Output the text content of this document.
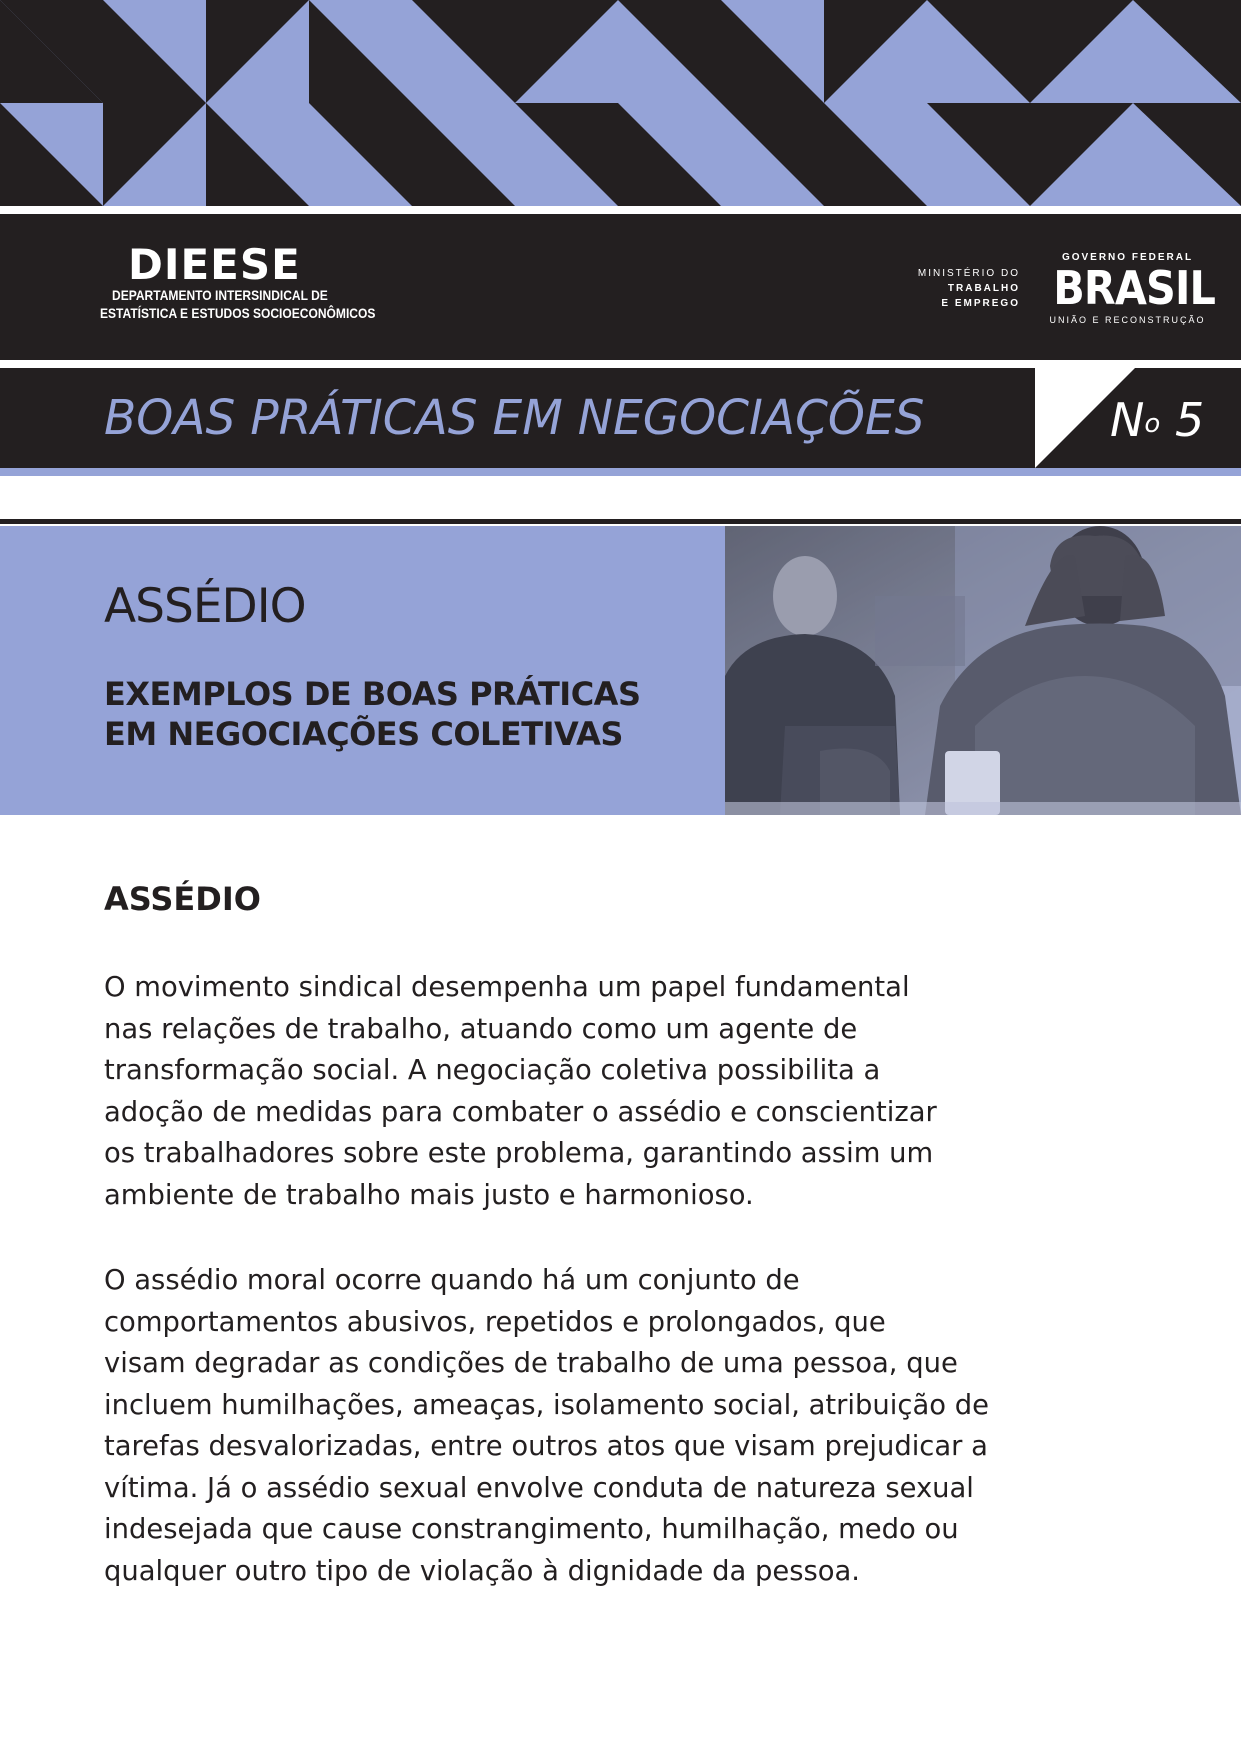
DIEESE
DEPARTAMENTO INTERSINDICAL DE
ESTATÍSTICA E ESTUDOS SOCIOECONÔMICOS
MINISTÉRIO DO
TRABALHO
E EMPREGO
GOVERNO FEDERAL
BRASIL
UNIÃO E RECONSTRUÇÃO
BOAS PRÁTICAS EM NEGOCIAÇÕES	$N^o$ 5
ASSÉDIO
EXEMPLOS DE BOAS PRÁTICAS
EM NEGOCIAÇÕES COLETIVAS
ASSÉDIO
O movimento sindical desempenha um papel fundamental
nas relações de trabalho, atuando como um agente de
transformação social. A negociação coletiva possibilita a
adoção de medidas para combater o assédio e conscientizar
os trabalhadores sobre este problema, garantindo assim um
ambiente de trabalho mais justo e harmonioso.
O assédio moral ocorre quando há um conjunto de
comportamentos abusivos, repetidos e prolongados, que
visam degradar as condições de trabalho de uma pessoa, que
incluem humilhações, ameaças, isolamento social, atribuição de
tarefas desvalorizadas, entre outros atos que visam prejudicar a
vítima. Já o assédio sexual envolve conduta de natureza sexual
indesejada que cause constrangimento, humilhação, medo ou
qualquer outro tipo de violação à dignidade da pessoa.
